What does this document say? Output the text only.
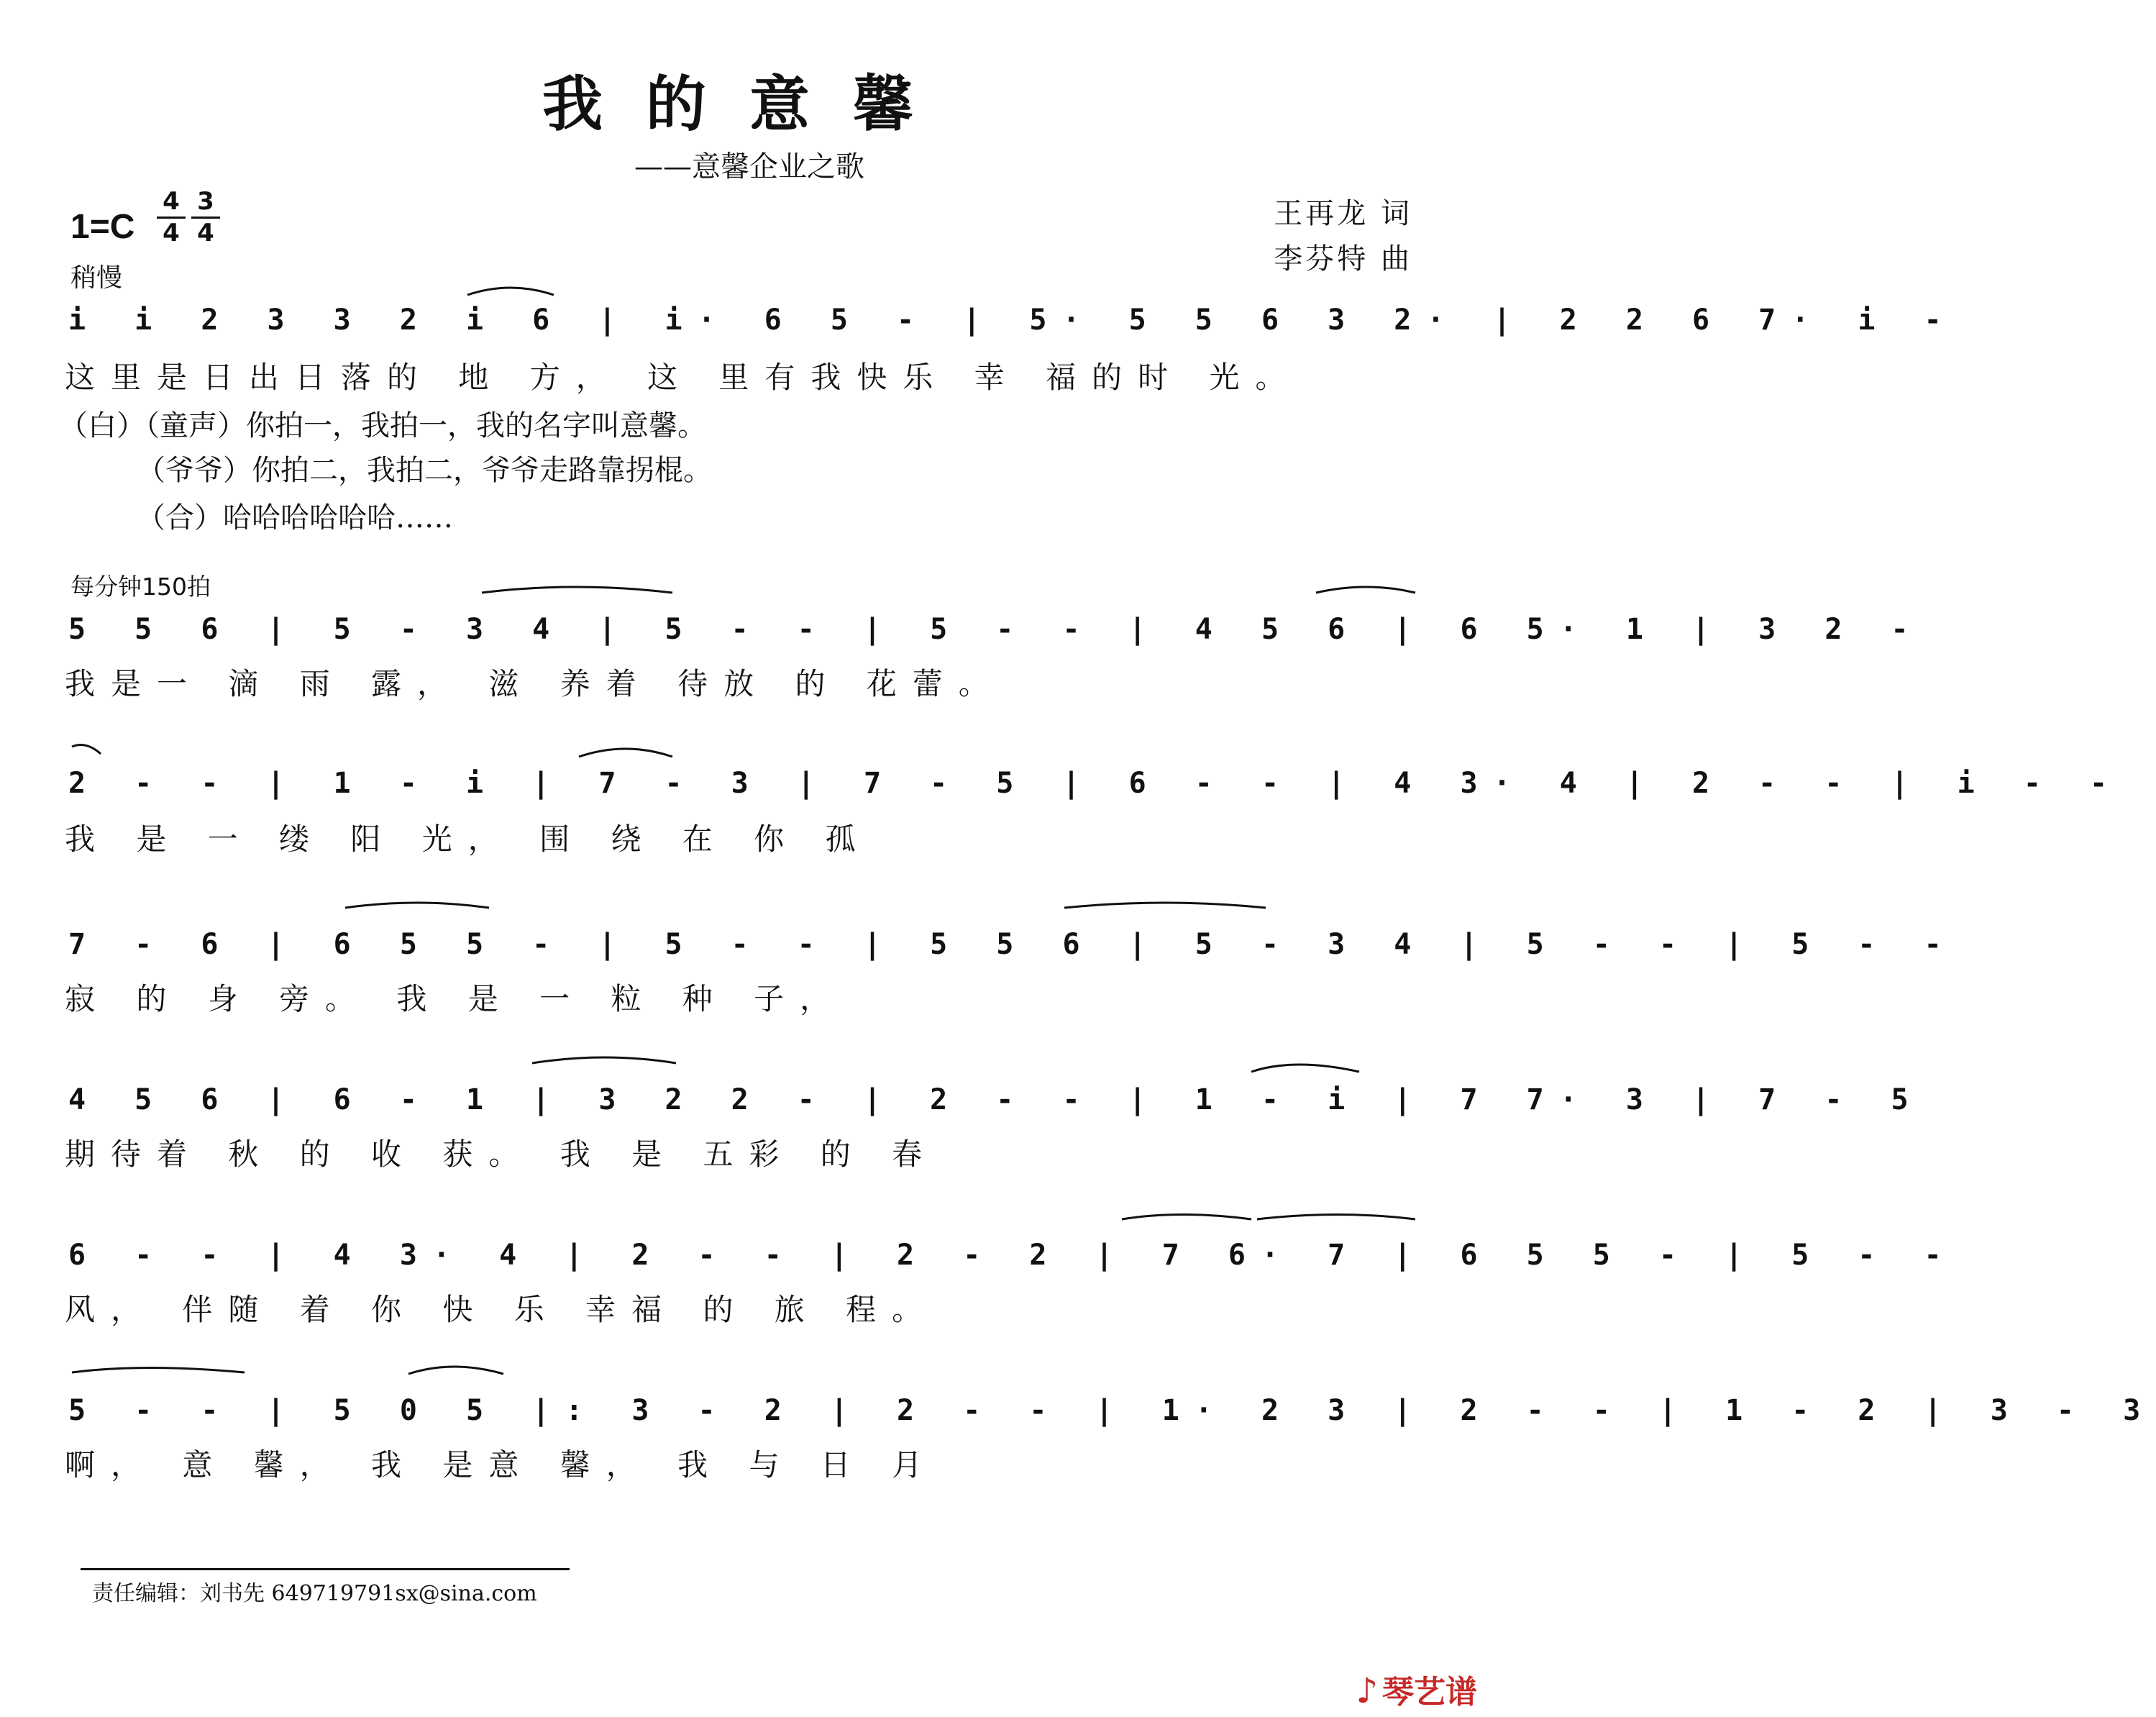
我的意馨
——意馨企业之歌
1=C
4
4
3
4
稍慢
王再龙 词
李芬特 曲
i i 2 3 3 2 i 6 | i· 6 5 - | 5· 5 5 6 3 2· | 2 2 6 7· i -
这里是日出日落的 地 方， 这 里有我快乐 幸 福的时 光。
（白）（童声）你拍一，我拍一，我的名字叫意馨。
（爷爷）你拍二，我拍二，爷爷走路靠拐棍。
（合）哈哈哈哈哈哈……
每分钟150拍
5 5 6 | 5 - 3 4 | 5 - - | 5 - - | 4 5 6 | 6 5· 1 | 3 2 -
我是一 滴 雨 露， 滋 养着 待放 的 花蕾。
2 - - | 1 - i | 7 - 3 | 7 - 5 | 6 - - | 4 3· 4 | 2 - - | i - -
我 是 一 缕 阳 光， 围 绕 在 你 孤
7 - 6 | 6 5 5 - | 5 - - | 5 5 6 | 5 - 3 4 | 5 - - | 5 - -
寂 的 身 旁。 我 是 一 粒 种 子，
4 5 6 | 6 - 1 | 3 2 2 - | 2 - - | 1 - i | 7 7· 3 | 7 - 5
期待着 秋 的 收 获。 我 是 五彩 的 春
6 - - | 4 3· 4 | 2 - - | 2 - 2 | 7 6· 7 | 6 5 5 - | 5 - -
风， 伴随 着 你 快 乐 幸福 的 旅 程。
5 - - | 5 0 5 |: 3 - 2 | 2 - - | 1· 2 3 | 2 - - | 1 - 2 | 3 - 3
啊， 意 馨， 我 是意 馨， 我 与 日 月
责任编辑：刘书先 649719791sx@sina.com
♪ 琴艺谱
